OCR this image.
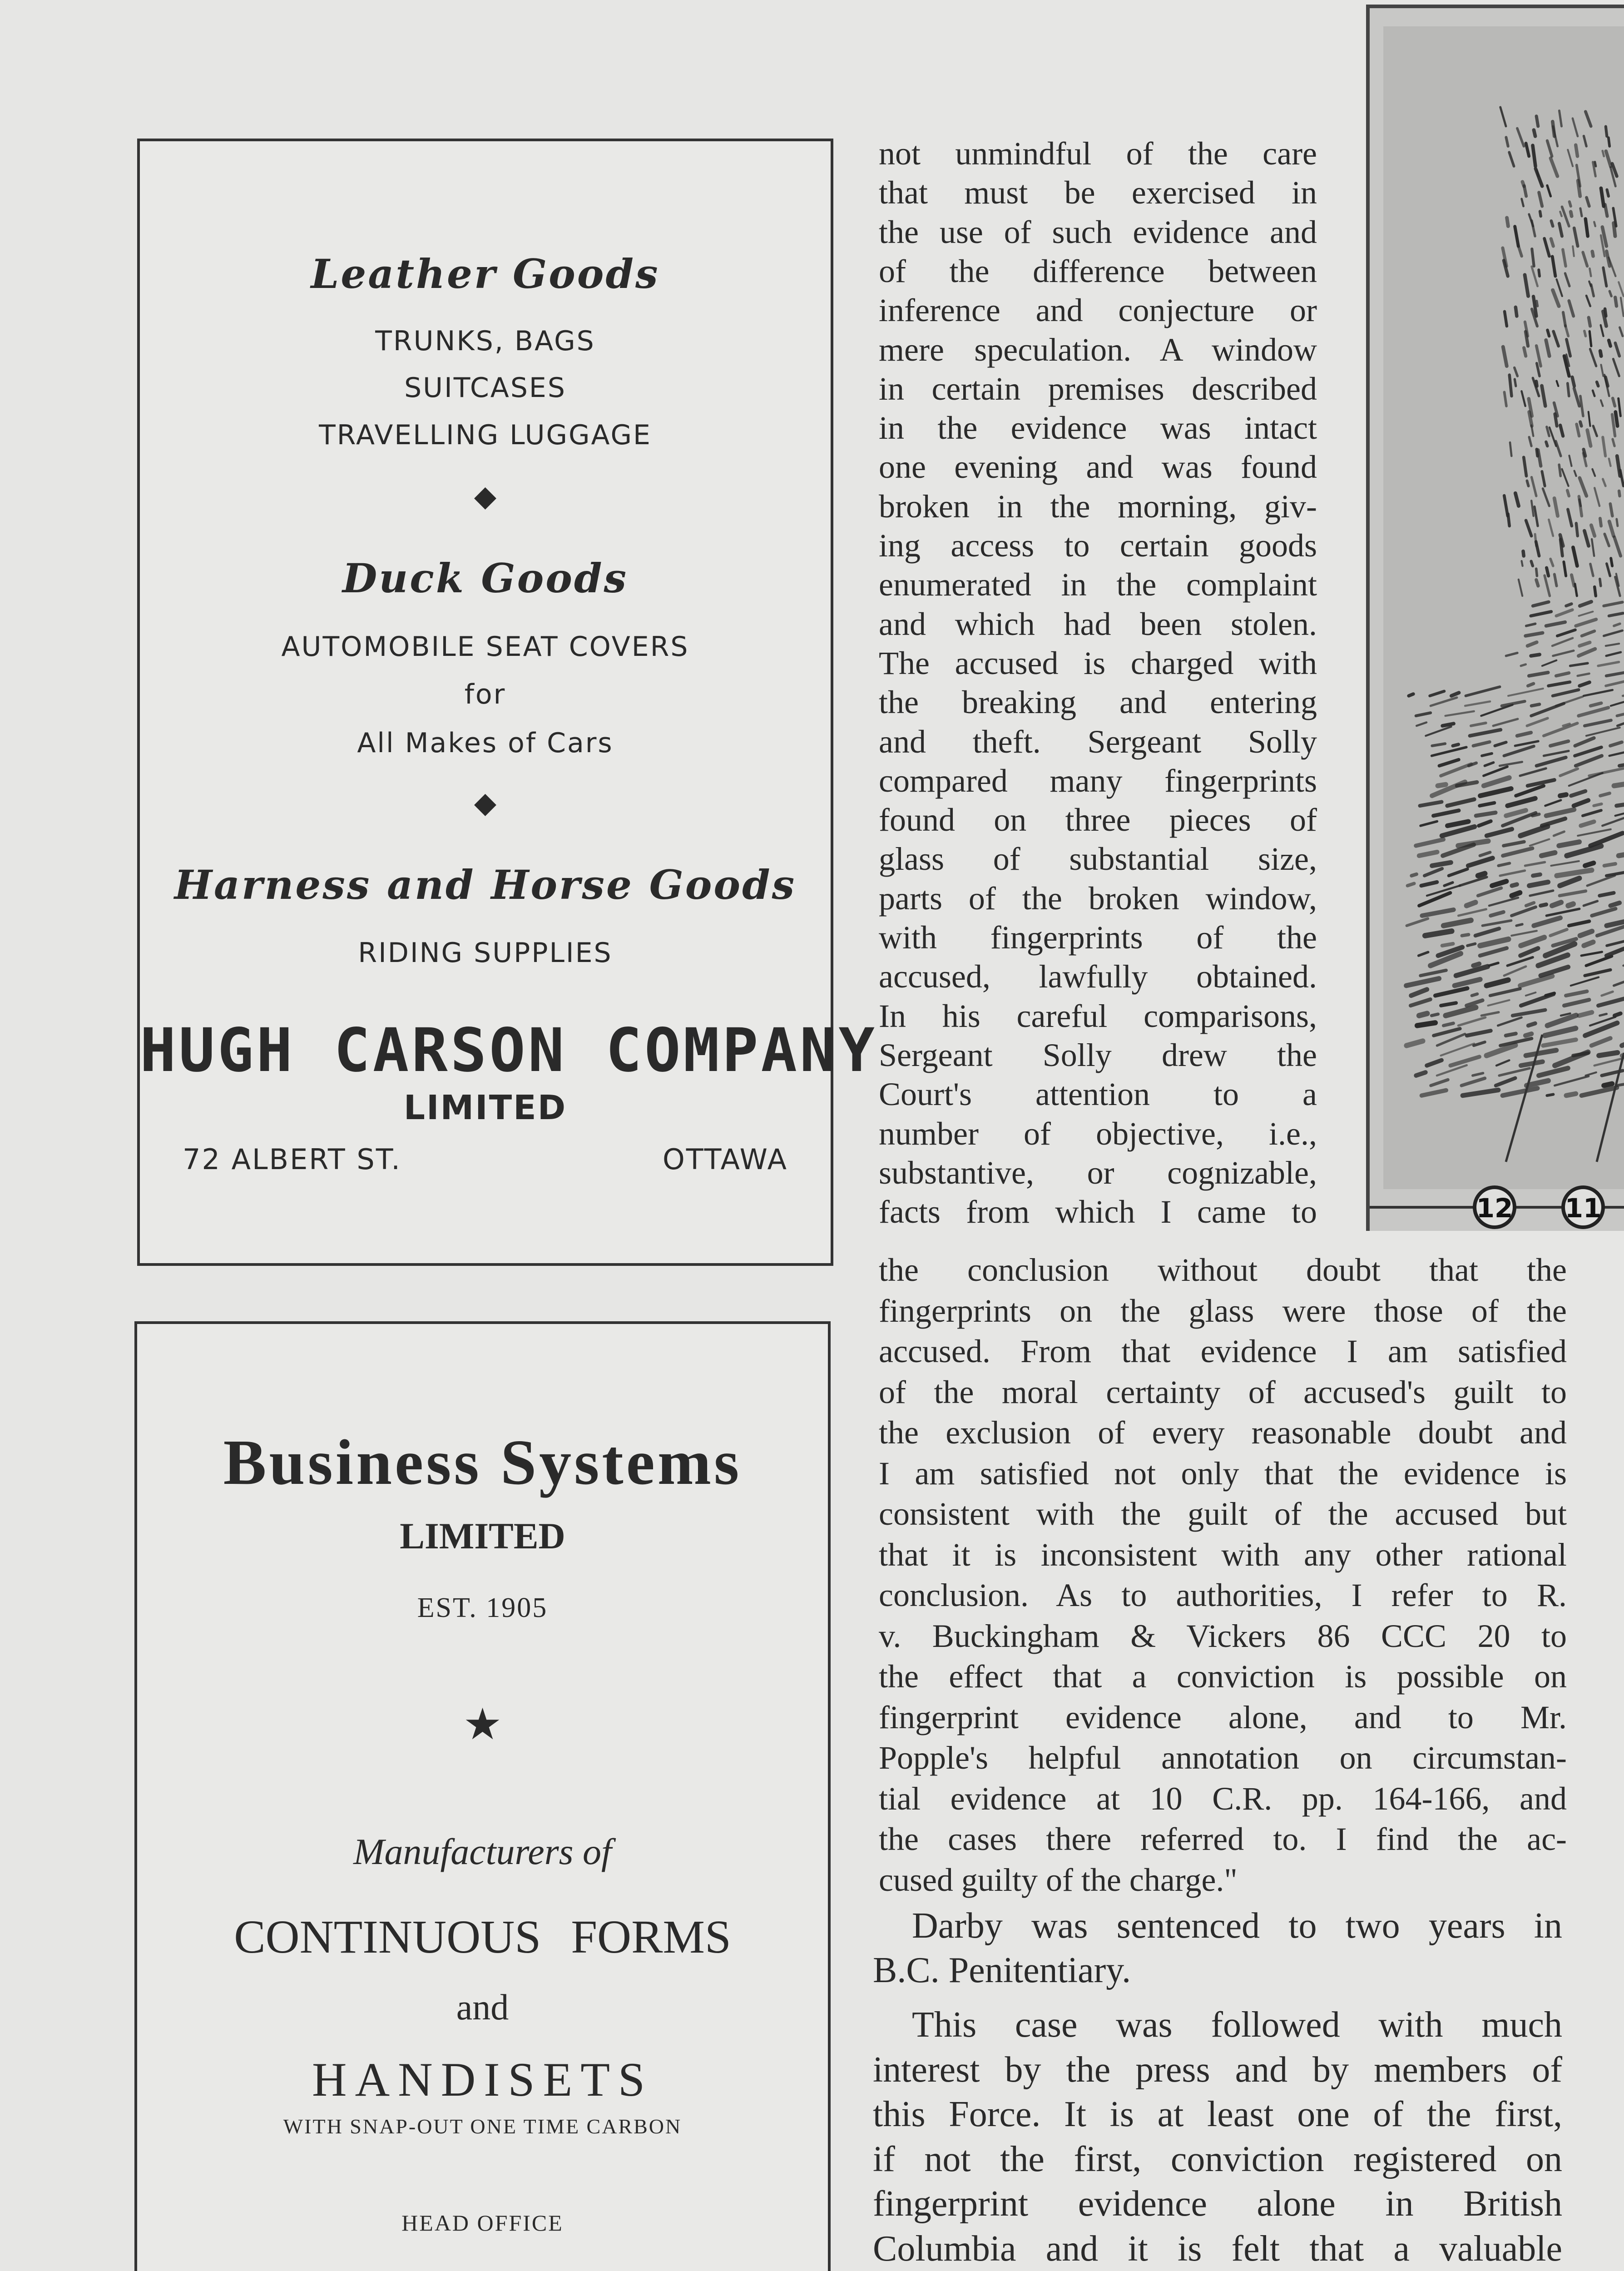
Leather Goods
TRUNKS, BAGS
SUITCASES
TRAVELLING LUGGAGE
◆
Duck Goods
AUTOMOBILE SEAT COVERS
for
All Makes of Cars
◆
Harness and Horse Goods
RIDING SUPPLIES
HUGH CARSON COMPANY
LIMITED
72 ALBERT ST.	OTTAWA
Business Systems
LIMITED
EST. 1905
★
Manufacturers of
CONTINUOUS FORMS
and
HANDISETS
WITH SNAP-OUT ONE TIME CARBON
HEAD OFFICE
12 11
not unmindful of the care
that must be exercised in
the use of such evidence and
of the difference between
inference and conjecture or
mere speculation. A window
in certain premises described
in the evidence was intact
one evening and was found
broken in the morning, giv-
ing access to certain goods
enumerated in the complaint
and which had been stolen.
The accused is charged with
the breaking and entering
and theft. Sergeant Solly
compared many fingerprints
found on three pieces of
glass of substantial size,
parts of the broken window,
with fingerprints of the
accused, lawfully obtained.
In his careful comparisons,
Sergeant Solly drew the
Court's attention to a
number of objective, i.e.,
substantive, or cognizable,
facts from which I came to
the conclusion without doubt that the
fingerprints on the glass were those of the
accused. From that evidence I am satisfied
of the moral certainty of accused's guilt to
the exclusion of every reasonable doubt and
I am satisfied not only that the evidence is
consistent with the guilt of the accused but
that it is inconsistent with any other rational
conclusion. As to authorities, I refer to R.
v. Buckingham & Vickers 86 CCC 20 to
the effect that a conviction is possible on
fingerprint evidence alone, and to Mr.
Popple's helpful annotation on circumstan-
tial evidence at 10 C.R. pp. 164-166, and
the cases there referred to. I find the ac-
cused guilty of the charge."
Darby was sentenced to two years in
B.C. Penitentiary.
This case was followed with much
interest by the press and by members of
this Force. It is at least one of the first,
if not the first, conviction registered on
fingerprint evidence alone in British
Columbia and it is felt that a valuable
